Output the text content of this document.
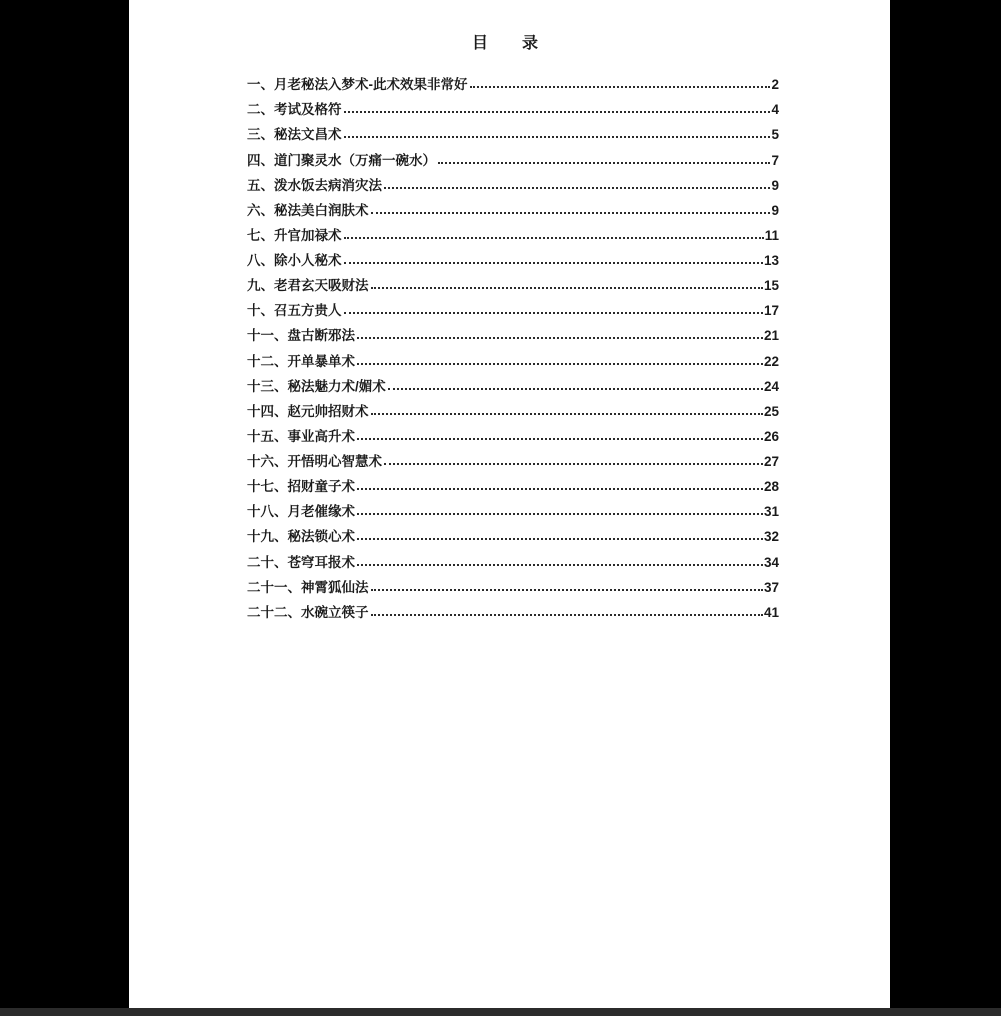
目　录
一、月老秘法入梦术-此术效果非常好	2
二、考试及格符	4
三、秘法文昌术	5
四、道门聚灵水（万痛一碗水）	7
五、泼水饭去病消灾法	9
六、秘法美白润肤术	9
七、升官加禄术	11
八、除小人秘术	13
九、老君玄天吸财法	15
十、召五方贵人	17
十一、盘古断邪法	21
十二、开单暴单术	22
十三、秘法魅力术/媚术	24
十四、赵元帅招财术	25
十五、事业高升术	26
十六、开悟明心智慧术	27
十七、招财童子术	28
十八、月老催缘术	31
十九、秘法锁心术	32
二十、苍穹耳报术	34
二十一、神霄狐仙法	37
二十二、水碗立筷子	41
